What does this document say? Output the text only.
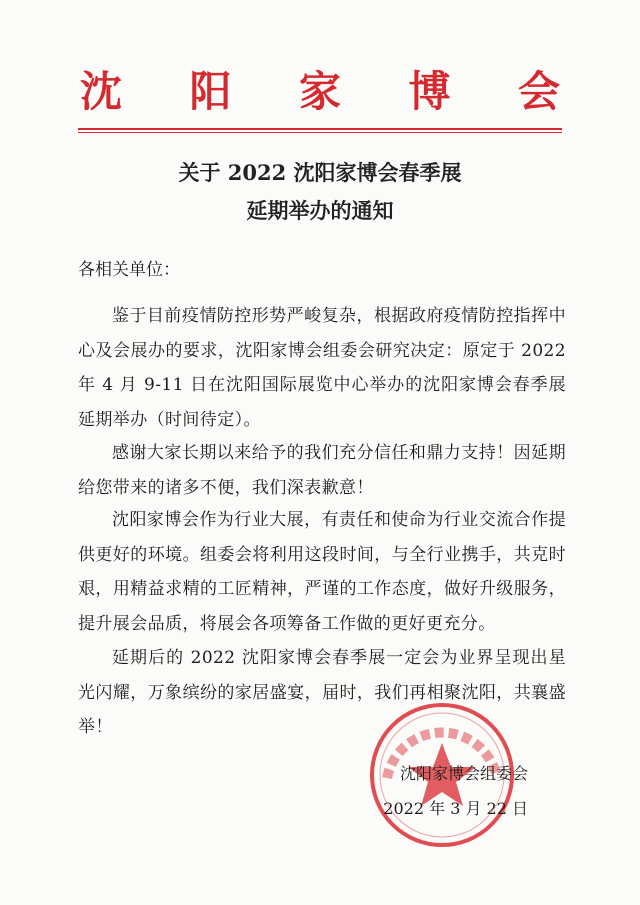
沈 阳 家 博 会
关于 2022 沈阳家博会春季展
延期举办的通知
各相关单位：
鉴于目前疫情防控形势严峻复杂，根据政府疫情防控指挥中心及会展办的要求，沈阳家博会组委会研究决定：原定于 2022 年 4 月 9-11 日在沈阳国际展览中心举办的沈阳家博会春季展延期举办（时间待定）。
感谢大家长期以来给予的我们充分信任和鼎力支持！因延期给您带来的诸多不便，我们深表歉意！
沈阳家博会作为行业大展，有责任和使命为行业交流合作提供更好的环境。组委会将利用这段时间，与全行业携手，共克时艰，用精益求精的工匠精神，严谨的工作态度，做好升级服务，提升展会品质，将展会各项筹备工作做的更好更充分。
延期后的 2022 沈阳家博会春季展一定会为业界呈现出星光闪耀，万象缤纷的家居盛宴，届时，我们再相聚沈阳，共襄盛举！
沈阳家博会组委会
2022 年 3 月 22 日
